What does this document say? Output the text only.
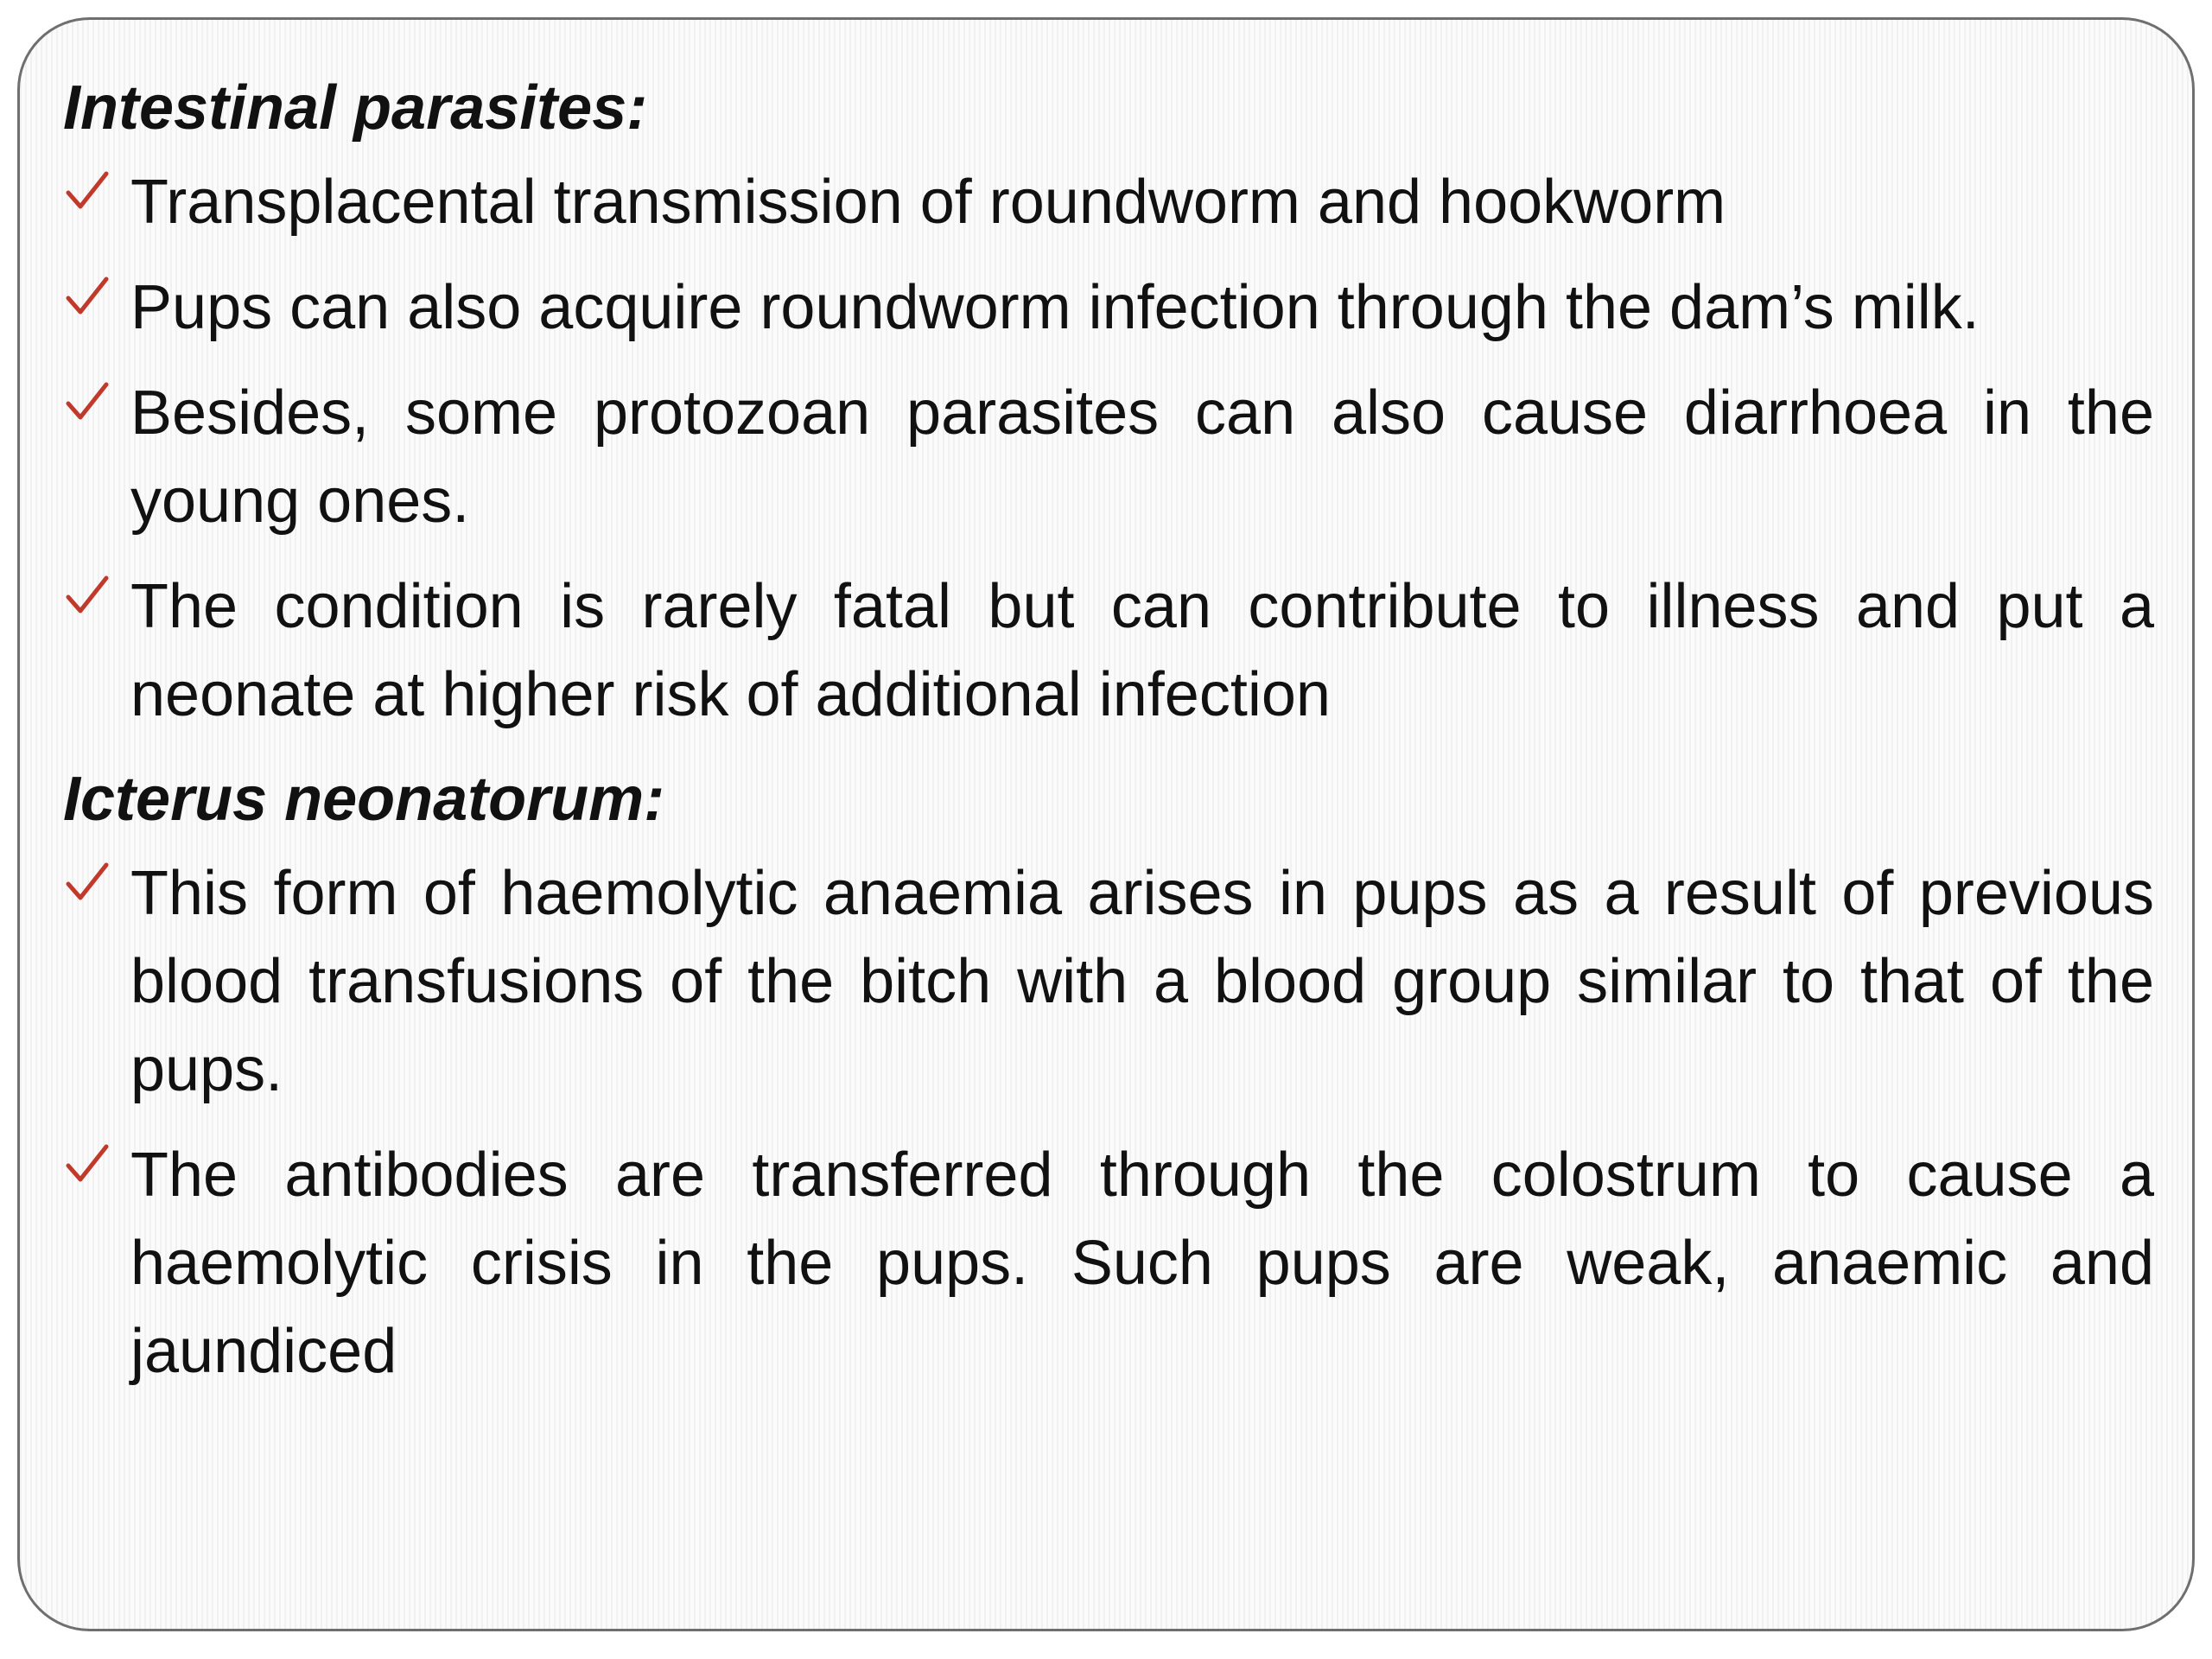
Intestinal parasites:
Transplacental transmission of roundworm and hookworm
Pups can also acquire roundworm infection through the dam’s milk.
Besides, some protozoan parasites can also cause diarrhoea in the young ones.
The condition is rarely fatal but can contribute to illness and put a neonate at higher risk of additional infection
Icterus neonatorum:
This form of haemolytic anaemia arises in pups as a result of previous blood transfusions of the bitch with a blood group similar to that of the pups.
The antibodies are transferred through the colostrum to cause a haemolytic crisis in the pups. Such pups are weak, anaemic and jaundiced
